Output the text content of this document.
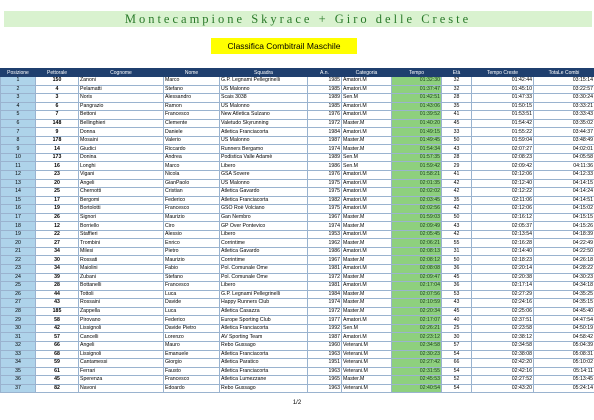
Montecampione Skyrace + Giro delle Creste
Classifica Combitrail Maschile
Posizione	Pettorale	Cognome	Nome	Squadra	A.n.	Categoria	Tempo	Età	Tempo Creste	TotaLe Combi
1	150	Zanoni	Marco	G.P. Legnami Pellegrinelli	1985	Amatori.M	01:32:30	32	01:42:44	03:15:14
2	4	Pelamatti	Stefano	US Malonno	1985	Amatori.M	01:37:47	32	01:45:10	03:22:57
3	3	Noris	Alessandro	Scais 3038	1989	Sen.M	01:42:51	28	01:47:33	03:30:24
4	6	Pangrazio	Ramon	US Malonno	1985	Amatori.M	01:43:06	35	01:50:15	03:33:21
5	7	Bettoni	Francesco	New Atletica Sulzano	1976	Amatori.M	01:39:52	41	01:53:51	03:33:43
6	148	Bellinghieri	Clemente	Valetudo Skyrunning	1972	Master.M	01:40:20	45	01:54:42	03:35:02
7	9	Donna	Daniele	Atletica Franciacorta	1984	Amatori.M	01:49:15	33	01:55:22	03:44:37
8	178	Mosaini	Valerio	US Malonno	1987	Master.M	01:49:45	50	01:59:04	03:48:49
9	14	Giudici	Riccardo	Runners Bergamo	1974	Master.M	01:54:34	43	02:07:27	04:02:01
10	173	Donina	Andrea	Podistica Valle Adamè	1989	Sen.M	01:57:35	28	02:08:23	04:05:58
11	16	Longhi	Marco	Libero	1986	Sen.M	01:59:42	29	02:09:42	04:11:36
12	23	Vigani	Nicola	GSA Sovere	1976	Amatori.M	01:58:21	41	02:12:06	04:12:33
13	20	Angeli	GianPaolo	US Malonno	1975	Amatori.M	02:01:35	42	02:12:40	04:14:15
14	25	Chernotti	Cristian	Atletica Gavardo	1975	Amatori.M	02:02:02	42	02:12:22	04:14:24
15	17	Bergomi	Federico	Atletica Franciacorta	1982	Amatori.M	02:03:45	35	02:11:06	04:14:51
16	19	Bortolotti	Francesco	GSO Roè Volciano	1975	Amatori.M	02:02:56	42	02:12:06	04:15:02
17	26	Signori	Maurizio	Gan Nembro	1967	Master.M	01:59:03	50	02:16:12	04:15:15
18	12	Borriello	Ciro	GP Over Pontevico	1974	Master.M	02:09:49	43	02:05:37	04:15:26
19	22	Staffieri	Alessio	Libero	1953	Amatori.M	02:05:45	42	02:13:54	04:18:39
20	27	Trombini	Enrico	Corrintime	1962	Master.M	02:06:21	55	02:16:28	04:22:49
21	34	Milesi	Pietro	Atletica Gavardo	1986	Amatori.M	02:08:13	31	02:14:40	04:22:50
22	30	Rossati	Maurizio	Corrintime	1967	Master.M	02:08:12	50	02:18:23	04:26:18
23	34	Maiolini	Fabio	Pol. Comunale Ome	1981	Amatori.M	02:08:08	36	02:20:14	04:28:22
24	39	Zubani	Stefano	Pol. Comunale Ome	1972	Master.M	02:09:47	45	02:20:38	04:30:23
25	28	Bottanelli	Francesco	Libero	1981	Amatori.M	02:17:04	36	02:17:14	04:34:18
26	44	Tottoli	Luca	G.P. Legnami Pellegrinelli	1984	Master.M	02:07:56	53	02:27:29	04:35:25
27	43	Rossaini	Davide	Happy Runners Club	1974	Master.M	02:10:59	43	02:24:16	04:35:15
28	185	Zappella	Luca	Atletica Casazza	1972	Master.M	02:20:34	45	02:25:06	04:45:40
29	58	Pirovano	Federico	Europe Sporting Club	1977	Amatori.M	02:17:07	40	02:37:51	04:47:54
30	42	Lissignoli	Davide Pietro	Atletica Franciacorta	1992	Sen.M	02:26:21	25	02:23:58	04:50:19
31	57	Cancelli	Lorenzo	AV Sporting Team	1987	Amatori.M	02:23:12	30	02:38:12	04:58:42
32	66	Angeli	Mauro	Rebo Gussago	1960	Veterani.M	02:34:58	57	02:34:58	05:04:39
33	68	Lissignoli	Emanuele	Atletica Franciacorta	1963	Veterani.M	02:30:23	54	02:38:08	05:08:31
34	59	Cantamessi	Giorgio	Atletica Paratico	1951	Veterani.M	02:27:42	66	02:42:20	05:10:02
35	61	Ferrari	Fausto	Atletica Franciacorta	1963	Veterani.M	02:31:55	54	02:42:16	05:14:11
36	45	Sperenza	Francesco	Atletica Lumezzane	1965	Master.M	02:45:53	52	02:27:52	05:13:45
37	82	Navoni	Edoardo	Rebo Gussago	1963	Veterani.M	02:40:54	54	02:43:20	05:24:14
1/2
